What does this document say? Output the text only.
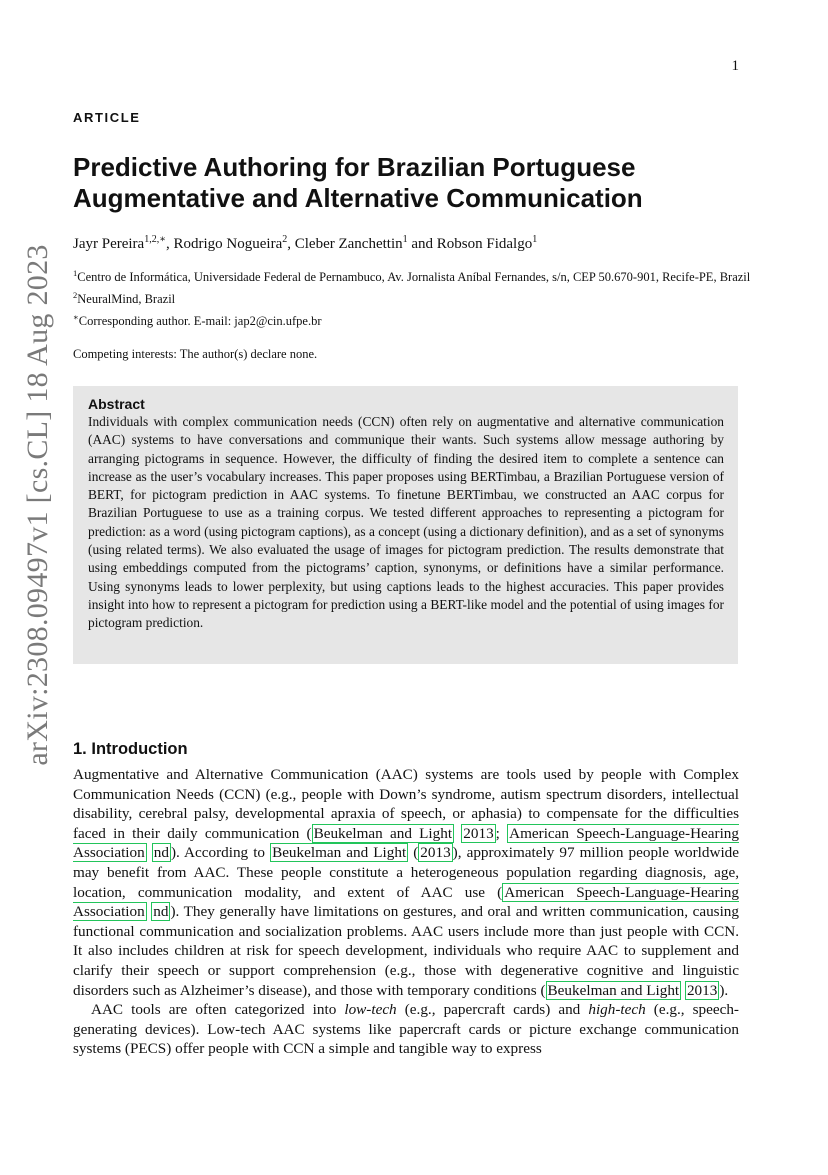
arXiv:2308.09497v1 [cs.CL] 18 Aug 2023
1
ARTICLE
Predictive Authoring for Brazilian Portuguese Augmentative and Alternative Communication
Jayr Pereira$^{1,2,∗}$, Rodrigo Nogueira$^2$, Cleber Zanchettin$^1$ and Robson Fidalgo$^1$
$^1$Centro de Informática, Universidade Federal de Pernambuco, Av. Jornalista Aníbal Fernandes, s/n, CEP 50.670-901, Recife-PE, Brazil
$^2$NeuralMind, Brazil
∗Corresponding author. E-mail: jap2@cin.ufpe.br
Competing interests: The author(s) declare none.
Abstract

Individuals with complex communication needs (CCN) often rely on augmentative and alternative communication (AAC) systems to have conversations and communique their wants. Such systems allow message authoring by arranging pictograms in sequence. However, the difficulty of finding the desired item to complete a sentence can increase as the user’s vocabulary increases. This paper proposes using BERTimbau, a Brazilian Portuguese version of BERT, for pictogram prediction in AAC systems. To finetune BERTimbau, we constructed an AAC corpus for Brazilian Portuguese to use as a training corpus. We tested different approaches to representing a pictogram for prediction: as a word (using pictogram captions), as a concept (using a dictionary definition), and as a set of synonyms (using related terms). We also evaluated the usage of images for pictogram prediction. The results demonstrate that using embeddings computed from the pictograms’ caption, synonyms, or definitions have a similar performance. Using synonyms leads to lower perplexity, but using captions leads to the highest accuracies. This paper provides insight into how to represent a pictogram for prediction using a BERT-like model and the potential of using images for pictogram prediction.

1. Introduction

Augmentative and Alternative Communication (AAC) systems are tools used by people with Complex Communication Needs (CCN) (e.g., people with Down’s syndrome, autism spectrum disorders, intellectual disability, cerebral palsy, developmental apraxia of speech, or aphasia) to compensate for the difficulties faced in their daily communication ( Beukelman and Light 2013 ; American Speech-Language-Hearing Association nd ). According to Beukelman and Light ( 2013 ), approximately 97 million people worldwide may benefit from AAC. These people constitute a heterogeneous population regarding diagnosis, age, location, communication modality, and extent of AAC use ( American Speech-Language-Hearing Association nd ). They generally have limitations on gestures, and oral and written communication, causing functional communication and socialization problems. AAC users include more than just people with CCN. It also includes children at risk for speech development, individuals who require AAC to supplement and clarify their speech or support comprehension (e.g., those with degenerative cognitive and linguistic disorders such as Alzheimer’s disease), and those with temporary conditions ( Beukelman and Light 2013 ).

AAC tools are often categorized into low-tech (e.g., papercraft cards) and high-tech (e.g., speech-generating devices). Low-tech AAC systems like papercraft cards or picture exchange communication systems (PECS) offer people with CCN a simple and tangible way to express
